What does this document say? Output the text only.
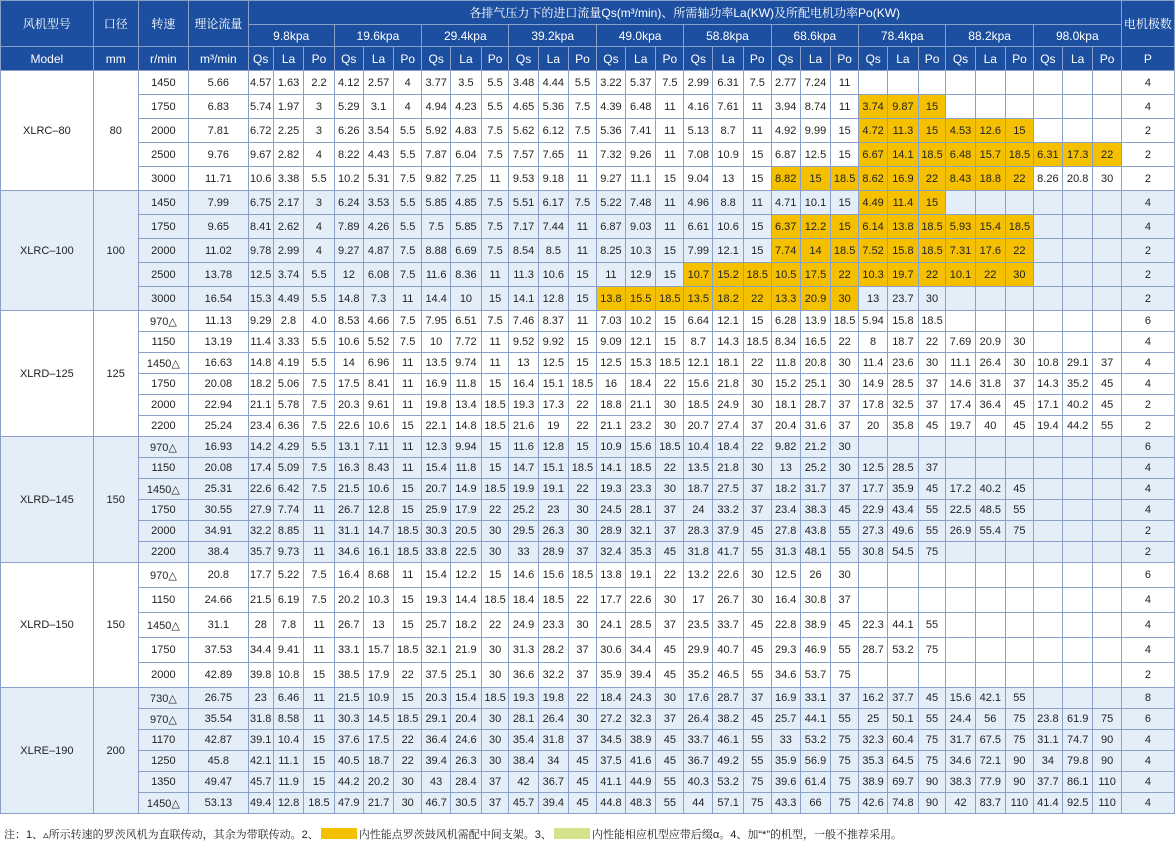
风机型号	口径	转速	理论流量	各排气压力下的进口流量Qs(m³/min)、所需轴功率La(KW)及所配电机功率Po(KW)																														电机极数
				9.8kpa			19.6kpa			29.4kpa			39.2kpa			49.0kpa			58.8kpa			68.6kpa			78.4kpa			88.2kpa			98.0kpa			
Model	mm	r/min	m³/min	Qs	La	Po	Qs	La	Po	Qs	La	Po	Qs	La	Po	Qs	La	Po	Qs	La	Po	Qs	La	Po	Qs	La	Po	Qs	La	Po	Qs	La	Po	P
XLRC–80	80	1450	5.66	4.57	1.63	2.2	4.12	2.57	4	3.77	3.5	5.5	3.48	4.44	5.5	3.22	5.37	7.5	2.99	6.31	7.5	2.77	7.24	11										4
		1750	6.83	5.74	1.97	3	5.29	3.1	4	4.94	4.23	5.5	4.65	5.36	7.5	4.39	6.48	11	4.16	7.61	11	3.94	8.74	11	3.74	9.87	15							4
		2000	7.81	6.72	2.25	3	6.26	3.54	5.5	5.92	4.83	7.5	5.62	6.12	7.5	5.36	7.41	11	5.13	8.7	11	4.92	9.99	15	4.72	11.3	15	4.53	12.6	15				2
		2500	9.76	9.67	2.82	4	8.22	4.43	5.5	7.87	6.04	7.5	7.57	7.65	11	7.32	9.26	11	7.08	10.9	15	6.87	12.5	15	6.67	14.1	18.5	6.48	15.7	18.5	6.31	17.3	22	2
		3000	11.71	10.6	3.38	5.5	10.2	5.31	7.5	9.82	7.25	11	9.53	9.18	11	9.27	11.1	15	9.04	13	15	8.82	15	18.5	8.62	16.9	22	8.43	18.8	22	8.26	20.8	30	2
XLRC–100	100	1450	7.99	6.75	2.17	3	6.24	3.53	5.5	5.85	4.85	7.5	5.51	6.17	7.5	5.22	7.48	11	4.96	8.8	11	4.71	10.1	15	4.49	11.4	15							4
		1750	9.65	8.41	2.62	4	7.89	4.26	5.5	7.5	5.85	7.5	7.17	7.44	11	6.87	9.03	11	6.61	10.6	15	6.37	12.2	15	6.14	13.8	18.5	5.93	15.4	18.5				4
		2000	11.02	9.78	2.99	4	9.27	4.87	7.5	8.88	6.69	7.5	8.54	8.5	11	8.25	10.3	15	7.99	12.1	15	7.74	14	18.5	7.52	15.8	18.5	7.31	17.6	22				2
		2500	13.78	12.5	3.74	5.5	12	6.08	7.5	11.6	8.36	11	11.3	10.6	15	11	12.9	15	10.7	15.2	18.5	10.5	17.5	22	10.3	19.7	22	10.1	22	30				2
		3000	16.54	15.3	4.49	5.5	14.8	7.3	11	14.4	10	15	14.1	12.8	15	13.8	15.5	18.5	13.5	18.2	22	13.3	20.9	30	13	23.7	30							2
XLRD–125	125	970△	11.13	9.29	2.8	4.0	8.53	4.66	7.5	7.95	6.51	7.5	7.46	8.37	11	7.03	10.2	15	6.64	12.1	15	6.28	13.9	18.5	5.94	15.8	18.5							6
		1150	13.19	11.4	3.33	5.5	10.6	5.52	7.5	10	7.72	11	9.52	9.92	15	9.09	12.1	15	8.7	14.3	18.5	8.34	16.5	22	8	18.7	22	7.69	20.9	30				4
		1450△	16.63	14.8	4.19	5.5	14	6.96	11	13.5	9.74	11	13	12.5	15	12.5	15.3	18.5	12.1	18.1	22	11.8	20.8	30	11.4	23.6	30	11.1	26.4	30	10.8	29.1	37	4
		1750	20.08	18.2	5.06	7.5	17.5	8.41	11	16.9	11.8	15	16.4	15.1	18.5	16	18.4	22	15.6	21.8	30	15.2	25.1	30	14.9	28.5	37	14.6	31.8	37	14.3	35.2	45	4
		2000	22.94	21.1	5.78	7.5	20.3	9.61	11	19.8	13.4	18.5	19.3	17.3	22	18.8	21.1	30	18.5	24.9	30	18.1	28.7	37	17.8	32.5	37	17.4	36.4	45	17.1	40.2	45	2
		2200	25.24	23.4	6.36	7.5	22.6	10.6	15	22.1	14.8	18.5	21.6	19	22	21.1	23.2	30	20.7	27.4	37	20.4	31.6	37	20	35.8	45	19.7	40	45	19.4	44.2	55	2
XLRD–145	150	970△	16.93	14.2	4.29	5.5	13.1	7.11	11	12.3	9.94	15	11.6	12.8	15	10.9	15.6	18.5	10.4	18.4	22	9.82	21.2	30										6
		1150	20.08	17.4	5.09	7.5	16.3	8.43	11	15.4	11.8	15	14.7	15.1	18.5	14.1	18.5	22	13.5	21.8	30	13	25.2	30	12.5	28.5	37							4
		1450△	25.31	22.6	6.42	7.5	21.5	10.6	15	20.7	14.9	18.5	19.9	19.1	22	19.3	23.3	30	18.7	27.5	37	18.2	31.7	37	17.7	35.9	45	17.2	40.2	45				4
		1750	30.55	27.9	7.74	11	26.7	12.8	15	25.9	17.9	22	25.2	23	30	24.5	28.1	37	24	33.2	37	23.4	38.3	45	22.9	43.4	55	22.5	48.5	55				4
		2000	34.91	32.2	8.85	11	31.1	14.7	18.5	30.3	20.5	30	29.5	26.3	30	28.9	32.1	37	28.3	37.9	45	27.8	43.8	55	27.3	49.6	55	26.9	55.4	75				2
		2200	38.4	35.7	9.73	11	34.6	16.1	18.5	33.8	22.5	30	33	28.9	37	32.4	35.3	45	31.8	41.7	55	31.3	48.1	55	30.8	54.5	75							2
XLRD–150	150	970△	20.8	17.7	5.22	7.5	16.4	8.68	11	15.4	12.2	15	14.6	15.6	18.5	13.8	19.1	22	13.2	22.6	30	12.5	26	30										6
		1150	24.66	21.5	6.19	7.5	20.2	10.3	15	19.3	14.4	18.5	18.4	18.5	22	17.7	22.6	30	17	26.7	30	16.4	30.8	37										4
		1450△	31.1	28	7.8	11	26.7	13	15	25.7	18.2	22	24.9	23.3	30	24.1	28.5	37	23.5	33.7	45	22.8	38.9	45	22.3	44.1	55							4
		1750	37.53	34.4	9.41	11	33.1	15.7	18.5	32.1	21.9	30	31.3	28.2	37	30.6	34.4	45	29.9	40.7	45	29.3	46.9	55	28.7	53.2	75							4
		2000	42.89	39.8	10.8	15	38.5	17.9	22	37.5	25.1	30	36.6	32.2	37	35.9	39.4	45	35.2	46.5	55	34.6	53.7	75										2
XLRE–190	200	730△	26.75	23	6.46	11	21.5	10.9	15	20.3	15.4	18.5	19.3	19.8	22	18.4	24.3	30	17.6	28.7	37	16.9	33.1	37	16.2	37.7	45	15.6	42.1	55				8
		970△	35.54	31.8	8.58	11	30.3	14.5	18.5	29.1	20.4	30	28.1	26.4	30	27.2	32.3	37	26.4	38.2	45	25.7	44.1	55	25	50.1	55	24.4	56	75	23.8	61.9	75	6
		1170	42.87	39.1	10.4	15	37.6	17.5	22	36.4	24.6	30	35.4	31.8	37	34.5	38.9	45	33.7	46.1	55	33	53.2	75	32.3	60.4	75	31.7	67.5	75	31.1	74.7	90	4
		1250	45.8	42.1	11.1	15	40.5	18.7	22	39.4	26.3	30	38.4	34	45	37.5	41.6	45	36.7	49.2	55	35.9	56.9	75	35.3	64.5	75	34.6	72.1	90	34	79.8	90	4
		1350	49.47	45.7	11.9	15	44.2	20.2	30	43	28.4	37	42	36.7	45	41.1	44.9	55	40.3	53.2	75	39.6	61.4	75	38.9	69.7	90	38.3	77.9	90	37.7	86.1	110	4
		1450△	53.13	49.4	12.8	18.5	47.9	21.7	30	46.7	30.5	37	45.7	39.4	45	44.8	48.3	55	44	57.1	75	43.3	66	75	42.6	74.8	90	42	83.7	110	41.4	92.5	110	4
注：1、▵所示转速的罗茨风机为直联传动，其余为带联传动。2、	内性能点罗茨鼓风机需配中间支架。3、	内性能相应机型应带后缀α。4、加“*”的机型，一般不推荐采用。
